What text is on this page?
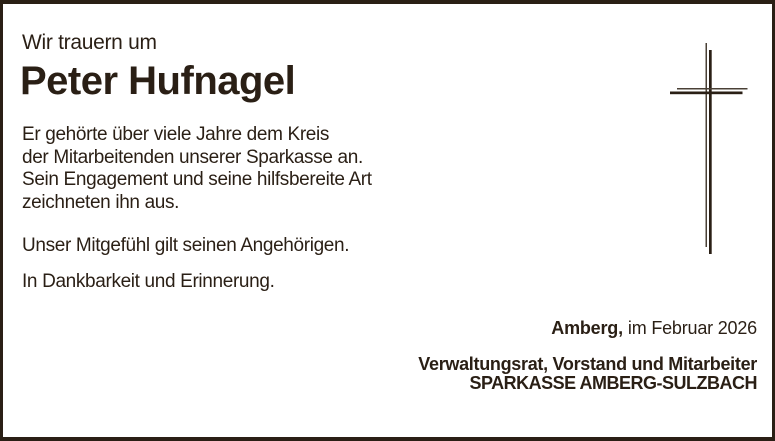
Wir trauern um
Peter Hufnagel
Er gehörte über viele Jahre dem Kreis
der Mitarbeitenden unserer Sparkasse an.
Sein Engagement und seine hilfsbereite Art
zeichneten ihn aus.
Unser Mitgefühl gilt seinen Angehörigen.
In Dankbarkeit und Erinnerung.
Amberg, im Februar 2026
Verwaltungsrat, Vorstand und Mitarbeiter
SPARKASSE AMBERG-SULZBACH
